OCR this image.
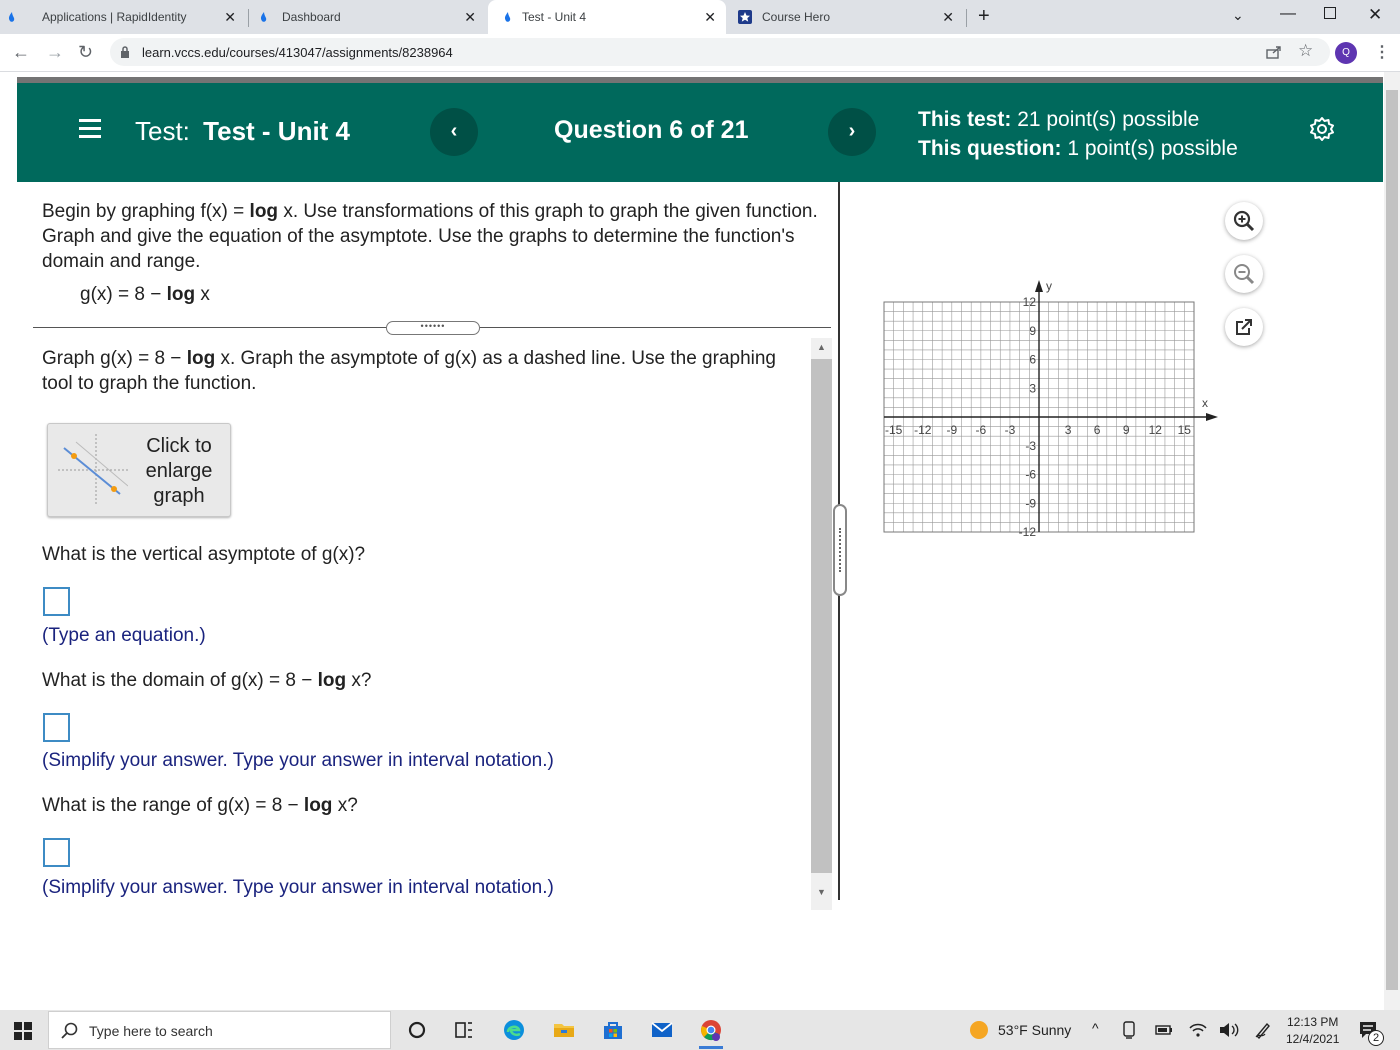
Applications | RapidIdentity	✕	Dashboard	✕	Test - Unit 4	✕	Course Hero	✕ +	⌄ —	✕
← → ↻	learn.vccs.edu/courses/413047/assignments/8238964	☆	Q	⋮
Test: Test - Unit 4	‹	Question 6 of 21	›	This test: 21 point(s) possible
This question: 1 point(s) possible
Begin by graphing f(x) = log x. Use transformations of this graph to graph the given function. Graph and give the equation of the asymptote. Use the graphs to determine the function's domain and range.
g(x) = 8 − log x
••••••
Graph g(x) = 8 − log x. Graph the asymptote of g(x) as a dashed line. Use the graphing tool to graph the function.
Click to enlarge graph
What is the vertical asymptote of g(x)?
(Type an equation.)
What is the domain of g(x) = 8 − log x?
(Simplify your answer. Type your answer in interval notation.)
What is the range of g(x) = 8 − log x?
(Simplify your answer. Type your answer in interval notation.)
▲
▼
x
y
-15 -12 -9 -6 -3	3 6 9 12 15
12
9
6
3
-3
-6
-9
-12
Type here to search	53°F Sunny ^	12:13 PM
12/4/2021	2
